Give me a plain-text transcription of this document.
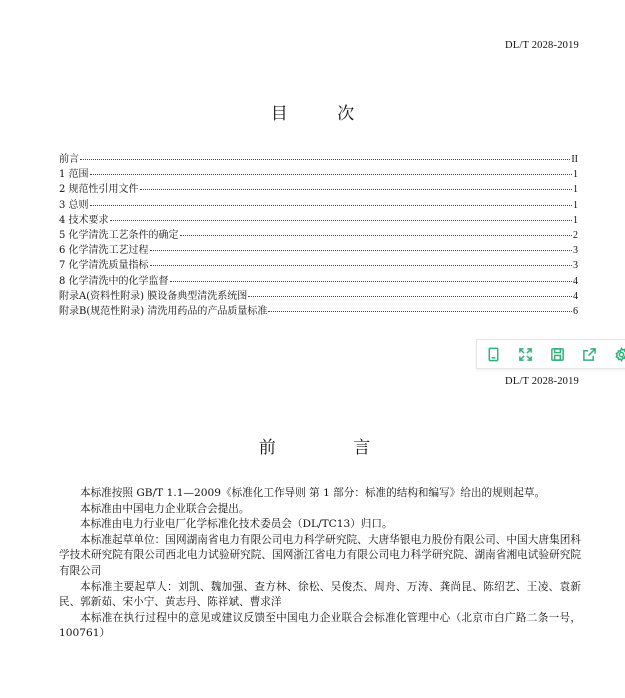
DL/T 2028-2019
目 次
前言	II
1 范围	1
2 规范性引用文件	1
3 总则	1
4 技术要求	1
5 化学清洗工艺条件的确定	2
6 化学清洗工艺过程	3
7 化学清洗质量指标	3
8 化学清洗中的化学监督	4
附录A(资料性附录) 膜设备典型清洗系统图	4
附录B(规范性附录) 清洗用药品的产品质量标准	6
DL/T 2028-2019
前 言

本标准按照 GB/T 1.1—2009《标准化工作导则 第 1 部分：标准的结构和编写》给出的规则起草。

本标准由中国电力企业联合会提出。

本标准由电力行业电厂化学标准化技术委员会（DL/TC13）归口。

本标准起草单位：国网湖南省电力有限公司电力科学研究院、大唐华银电力股份有限公司、中国大唐集团科学技术研究院有限公司西北电力试验研究院、国网浙江省电力有限公司电力科学研究院、湖南省湘电试验研究院有限公司

本标准主要起草人：刘凯、魏加强、查方林、徐松、吴俊杰、周舟、万涛、龚尚昆、陈绍艺、王凌、袁新民、郭新茹、宋小宁、黄志丹、陈祥斌、曹求洋

本标准在执行过程中的意见或建议反馈至中国电力企业联合会标准化管理中心（北京市白广路二条一号，100761）
